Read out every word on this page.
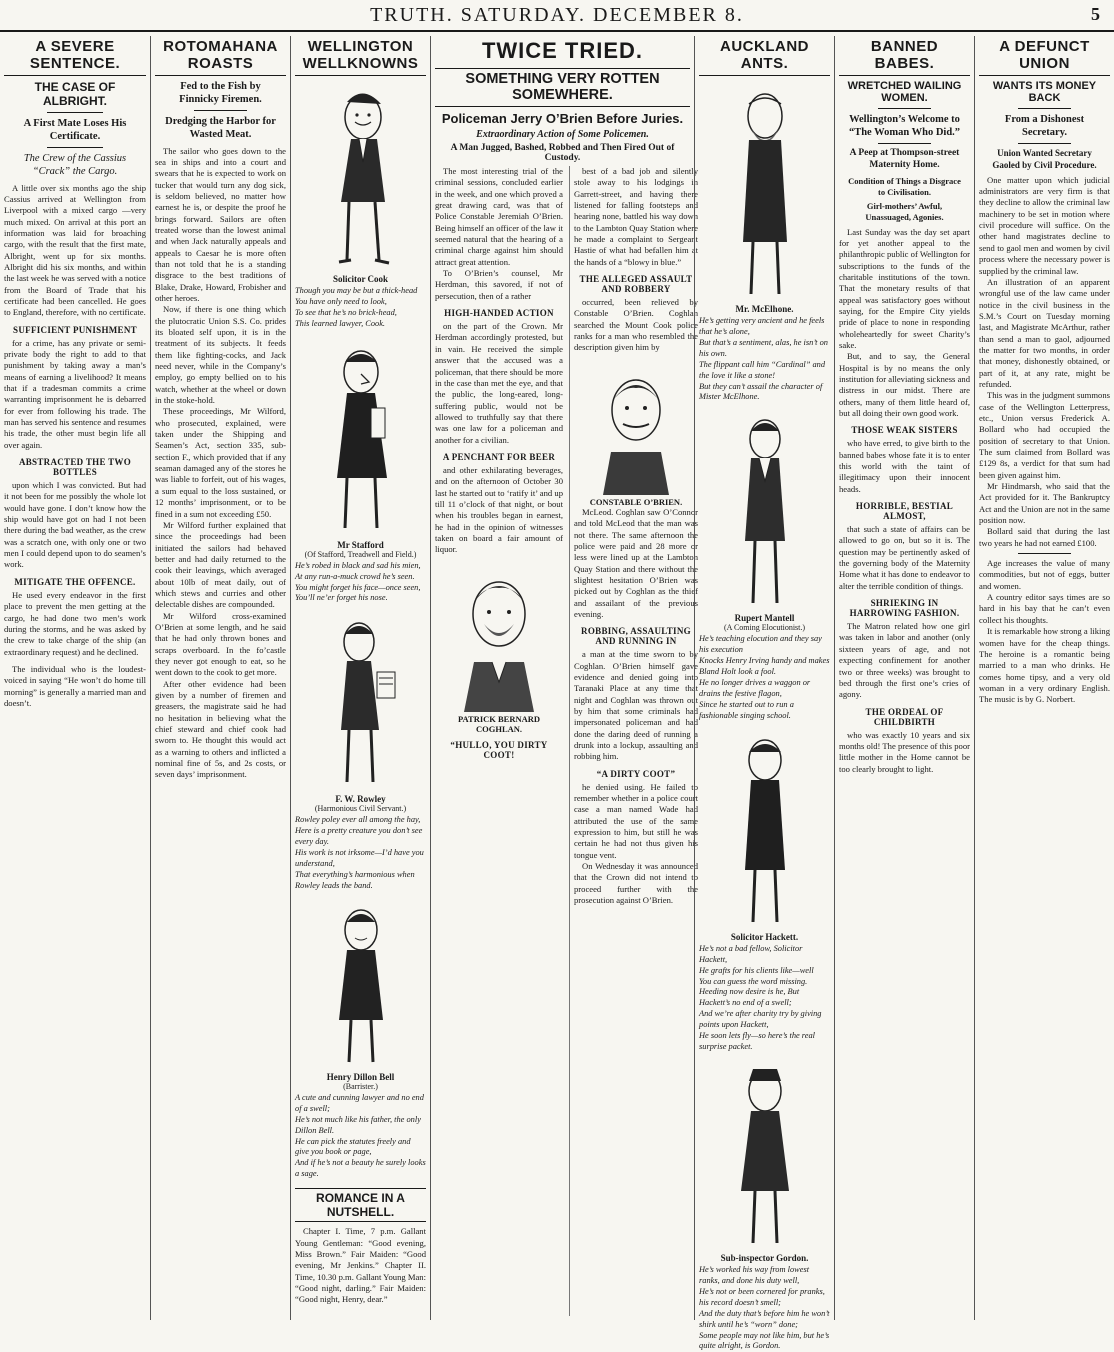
TRUTH. SATURDAY. DECEMBER 8.	5
A SEVERE SENTENCE.
THE CASE OF ALBRIGHT.
A First Mate Loses His Certificate.
The Crew of the Cassius “Crack” the Cargo.

A little over six months ago the ship Cassius arrived at Wellington from Liverpool with a mixed cargo —very much mixed. On arrival at this port an information was laid for broaching cargo, with the result that the first mate, Albright, went up for six months. Albright did his six months, and within the last week he was served with a notice from the Board of Trade that his certificate had been cancelled. He goes to England, therefore, with no certificate.

SUFFICIENT PUNISHMENT

for a crime, has any private or semi-private body the right to add to that punishment by taking away a man’s means of earning a livelihood? It means that if a tradesman commits a crime warranting imprisonment he is debarred for ever from following his trade. The man has served his sentence and resumes his trade, the other must begin life all over again.

ABSTRACTED THE TWO BOTTLES

upon which I was convicted. But had it not been for me possibly the whole lot would have gone. I don’t know how the ship would have got on had I not been there during the bad weather, as the crew was a scratch one, with only one or two men I could depend upon to do seamen’s work.

MITIGATE THE OFFENCE.

He used every endeavor in the first place to prevent the men getting at the cargo, he had done two men’s work during the storms, and he was asked by the crew to take charge of the ship (an extraordinary request) and he declined.

The individual who is the loudest-voiced in saying “He won’t do home till morning” is generally a married man and doesn’t.

ROTOMAHANA ROASTS
Fed to the Fish by Finnicky Firemen.
Dredging the Harbor for Wasted Meat.

The sailor who goes down to the sea in ships and into a court and swears that he is expected to work on tucker that would turn any dog sick, is seldom believed, no matter how earnest he is, or despite the proof he brings forward. Sailors are often treated worse than the lowest animal and when Jack naturally appeals and appeals to Caesar he is more often than not told that he is a standing disgrace to the best traditions of Blake, Drake, Howard, Frobisher and other heroes.

Now, if there is one thing which the plutocratic Union S.S. Co. prides its bloated self upon, it is in the treatment of its subjects. It feeds them like fighting-cocks, and Jack need never, while in the Company’s employ, go empty bellied on to his watch, whether at the wheel or down in the stoke-hold.

These proceedings, Mr Wilford, who prosecuted, explained, were taken under the Shipping and Seamen’s Act, section 335, sub-section F., which provided that if any seaman damaged any of the stores he was liable to forfeit, out of his wages, a sum equal to the loss sustained, or 12 months’ imprisonment, or to be fined in a sum not exceeding £50.

Mr Wilford further explained that since the proceedings had been initiated the sailors had behaved better and had daily returned to the cook their leavings, which averaged about 10lb of meat daily, out of which stews and curries and other delectable dishes are compounded.

Mr Wilford cross-examined O’Brien at some length, and he said that he had only thrown bones and scraps overboard. In the fo’castle they never got enough to eat, so he went down to the cook to get more.

After other evidence had been given by a number of firemen and greasers, the magistrate said he had no hesitation in believing what the chief steward and chief cook had sworn to. He thought this would act as a warning to others and inflicted a nominal fine of 5s, and 2s costs, or seven days’ imprisonment.

WELLINGTON WELLKNOWNS
Solicitor Cook
Though you may be but a thick-head
You have only need to look,
To see that he’s no brick-head,
This learned lawyer, Cook.
Mr Stafford
(Of Stafford, Treadwell and Field.)
He’s robed in black and sad his mien,
At any run-a-muck crowd he’s seen.
You might forget his face—once seen,
You’ll ne’er forget his nose.
F. W. Rowley
(Harmonious Civil Servant.)
Rowley poley ever all among the hay,
Here is a pretty creature you don’t see every day.
His work is not irksome—I’d have you understand,
That everything’s harmonious when Rowley leads the band.
Henry Dillon Bell
(Barrister.)
A cute and cunning lawyer and no end of a swell;
He’s not much like his father, the only Dillon Bell.
He can pick the statutes freely and give you book or page,
And if he’s not a beauty he surely looks a sage.
ROMANCE IN A NUTSHELL.

Chapter I. Time, 7 p.m. Gallant Young Gentleman: “Good evening, Miss Brown.” Fair Maiden: “Good evening, Mr Jenkins.” Chapter II. Time, 10.30 p.m. Gallant Young Man: “Good night, darling.” Fair Maiden: “Good night, Henry, dear.”

TWICE TRIED.
SOMETHING VERY ROTTEN SOMEWHERE.
Policeman Jerry O’Brien Before Juries.
Extraordinary Action of Some Policemen.
A Man Jugged, Bashed, Robbed and Then Fired Out of Custody.

The most interesting trial of the criminal sessions, concluded earlier in the week, and one which proved a great drawing card, was that of Police Constable Jeremiah O’Brien. Being himself an officer of the law it seemed natural that the hearing of a criminal charge against him should attract great attention.

To O’Brien’s counsel, Mr Herdman, this savored, if not of persecution, then of a rather

HIGH-HANDED ACTION

on the part of the Crown. Mr Herdman accordingly protested, but in vain. He received the simple answer that the accused was a policeman, that there should be more in the case than met the eye, and that the public, the long-eared, long-suffering public, would not be allowed to truthfully say that there was one law for a policeman and another for a civilian.

A PENCHANT FOR BEER

and other exhilarating beverages, and on the afternoon of October 30 last he started out to ‘ratify it’ and up till 11 o’clock of that night, or bout when his troubles began in earnest, he had in the opinion of witnesses taken on board a fair amount of liquor.

PATRICK BERNARD COGHLAN.
“HULLO, YOU DIRTY COOT!

best of a bad job and silently stole away to his lodgings in Garrett-street, and having there listened for falling footsteps and hearing none, battled his way down to the Lambton Quay Station where he made a complaint to Sergeant Hastie of what had befallen him at the hands of a “blowy in blue.”

THE ALLEGED ASSAULT AND ROBBERY

occurred, been relieved by Constable O’Brien. Coghlan searched the Mount Cook police ranks for a man who resembled the description given him by

CONSTABLE O’BRIEN.

McLeod. Coghlan saw O’Connor and told McLeod that the man was not there. The same afternoon the police were paid and 28 more or less were lined up at the Lambton Quay Station and there without the slightest hesitation O’Brien was picked out by Coghlan as the thief and assailant of the previous evening.

ROBBING, ASSAULTING AND RUNNING IN

a man at the time sworn to by Coghlan. O’Brien himself gave evidence and denied going into Taranaki Place at any time that night and Coghlan was thrown out by him that some criminals had impersonated policeman and had done the daring deed of running a drunk into a lockup, assaulting and robbing him.

“A DIRTY COOT”

he denied using. He failed to remember whether in a police court case a man named Wade had attributed the use of the same expression to him, but still he was certain he had not thus given his tongue vent.

On Wednesday it was announced that the Crown did not intend to proceed further with the prosecution against O’Brien.

AUCKLAND ANTS.
Mr. McElhone.
He’s getting very ancient and he feels that he’s alone,
But that’s a sentiment, alas, he isn’t on his own.
The flippant call him “Cardinal” and the love it like a stone!
But they can’t assail the character of Mister McElhone.
Rupert Mantell
(A Coming Elocutionist.)
He’s teaching elocution and they say his execution
Knocks Henry Irving handy and makes Bland Holt look a fool.
He no longer drives a waggon or drains the festive flagon,
Since he started out to run a fashionable singing school.
Solicitor Hackett.
He’s not a bad fellow, Solicitor Hackett,
He grafts for his clients like—well
You can guess the word missing.
Heeding now desire is he, But Hackett’s no end of a swell;
And we’re after charity try by giving points upon Hackett,
He soon lets fly—so here’s the real surprise packet.
Sub-inspector Gordon.
He’s worked his way from lowest ranks, and done his duty well,
He’s not or been cornered for pranks, his record doesn’t smell;
And the duty that’s before him he won’t shirk until he’s “worn” done;
Some people may not like him, but he’s quite alright, is Gordon.
BANNED BABES.
WRETCHED WAILING WOMEN.
Wellington’s Welcome to “The Woman Who Did.”
A Peep at Thompson-street Maternity Home.
Condition of Things a Disgrace to Civilisation.
Girl-mothers’ Awful, Unassuaged, Agonies.

Last Sunday was the day set apart for yet another appeal to the philanthropic public of Wellington for subscriptions to the funds of the charitable institutions of the town. That the monetary results of that appeal was satisfactory goes without saying, for the Empire City yields pride of place to none in responding wholeheartedly for sweet Charity’s sake.

But, and to say, the General Hospital is by no means the only institution for alleviating sickness and distress in our midst. There are others, many of them little heard of, but all doing their own good work.

THOSE WEAK SISTERS

who have erred, to give birth to the banned babes whose fate it is to enter this world with the taint of illegitimacy upon their innocent heads.

HORRIBLE, BESTIAL ALMOST,

that such a state of affairs can be allowed to go on, but so it is. The question may be pertinently asked of the governing body of the Maternity Home what it has done to endeavor to alter the terrible condition of things.

SHRIEKING IN HARROWING FASHION.

The Matron related how one girl was taken in labor and another (only sixteen years of age, and not expecting confinement for another two or three weeks) was brought to bed through the first one’s cries of agony.

THE ORDEAL OF CHILDBIRTH

who was exactly 10 years and six months old! The presence of this poor little mother in the Home cannot be too clearly brought to light.

A DEFUNCT UNION
WANTS ITS MONEY BACK
From a Dishonest Secretary.
Union Wanted Secretary Gaoled by Civil Procedure.

One matter upon which judicial administrators are very firm is that they decline to allow the criminal law machinery to be set in motion where civil procedure will suffice. On the other hand magistrates decline to send to gaol men and women by civil process where the necessary power is supplied by the criminal law.

An illustration of an apparent wrongful use of the law came under notice in the civil business in the S.M.’s Court on Tuesday morning last, and Magistrate McArthur, rather than send a man to gaol, adjourned the matter for two months, in order that money, dishonestly obtained, or part of it, at any rate, might be refunded.

This was in the judgment summons case of the Wellington Letterpress, etc., Union versus Frederick A. Bollard who had occupied the position of secretary to that Union. The sum claimed from Bollard was £129 8s, a verdict for that sum had been given against him.

Mr Hindmarsh, who said that the Act provided for it. The Bankruptcy Act and the Union are not in the same position now.

Bollard said that during the last two years he had not earned £100.

Age increases the value of many commodities, but not of eggs, butter and women.

A country editor says times are so hard in his bay that he can’t even collect his thoughts.

It is remarkable how strong a liking women have for the cheap things. The heroine is a romantic being married to a man who drinks. He comes home tipsy, and a very old woman in a very ordinary English. The music is by G. Norbert.
